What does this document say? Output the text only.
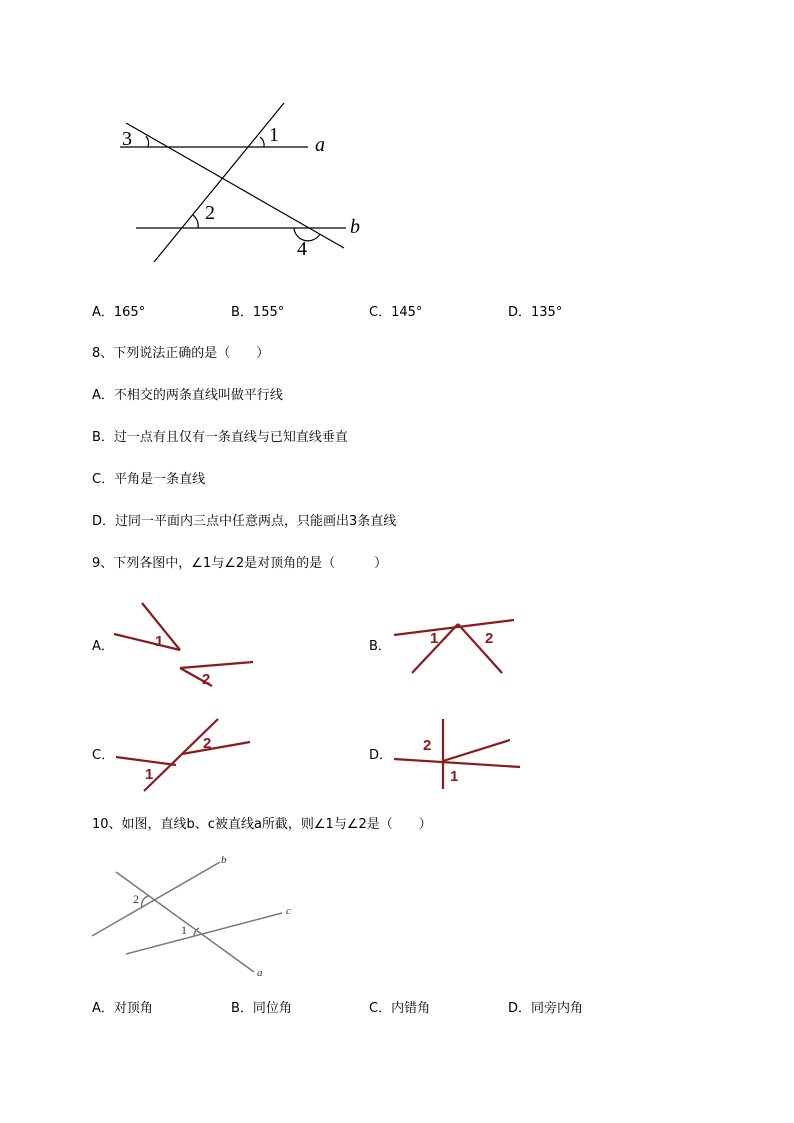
3	1 a
2
b
4
A．165°	B．155°	C．145°	D．135°
8、下列说法正确的是（　　）
A．不相交的两条直线叫做平行线
B．过一点有且仅有一条直线与已知直线垂直
C．平角是一条直线
D．过同一平面内三点中任意两点，只能画出3条直线
9、下列各图中，∠1与∠2是对顶角的是（　　　）
A．	1
2
B．	1	2
C．
2
1
D．
2
1
10、如图，直线b、c被直线a所截，则∠1与∠2是（　　）
b
c
a
2
1
A．对顶角	B．同位角	C．内错角	D．同旁内角
